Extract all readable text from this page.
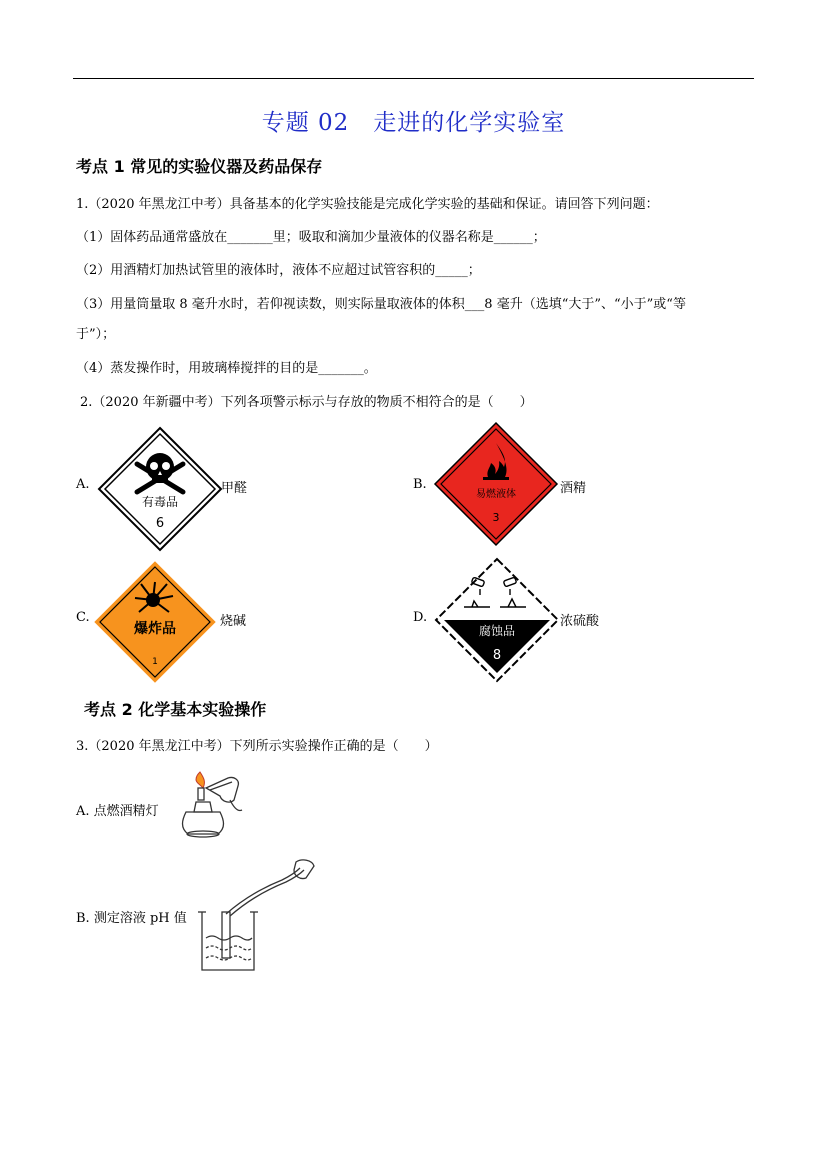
专题 02　走进的化学实验室
考点 1 常见的实验仪器及药品保存
1.（2020 年黑龙江中考）具备基本的化学实验技能是完成化学实验的基础和保证。请回答下列问题：
（1）固体药品通常盛放在_______里；吸取和滴加少量液体的仪器名称是______；
（2）用酒精灯加热试管里的液体时，液体不应超过试管容积的_____；
（3）用量筒量取 8 毫升水时，若仰视读数，则实际量取液体的体积___8 毫升（选填“大于”、“小于”或“等
于”）；
（4）蒸发操作时，用玻璃棒搅拌的目的是_______。
2.（2020 年新疆中考）下列各项警示标示与存放的物质不相符合的是（　　）
A.
有毒品
6
甲醛	B.
易燃液体
3
酒精
C.
爆炸品
1
烧碱	D.
腐蚀品
8
浓硫酸
考点 2 化学基本实验操作
3.（2020 年黑龙江中考）下列所示实验操作正确的是（　　）
A. 点燃酒精灯
B. 测定溶液 pH 值
